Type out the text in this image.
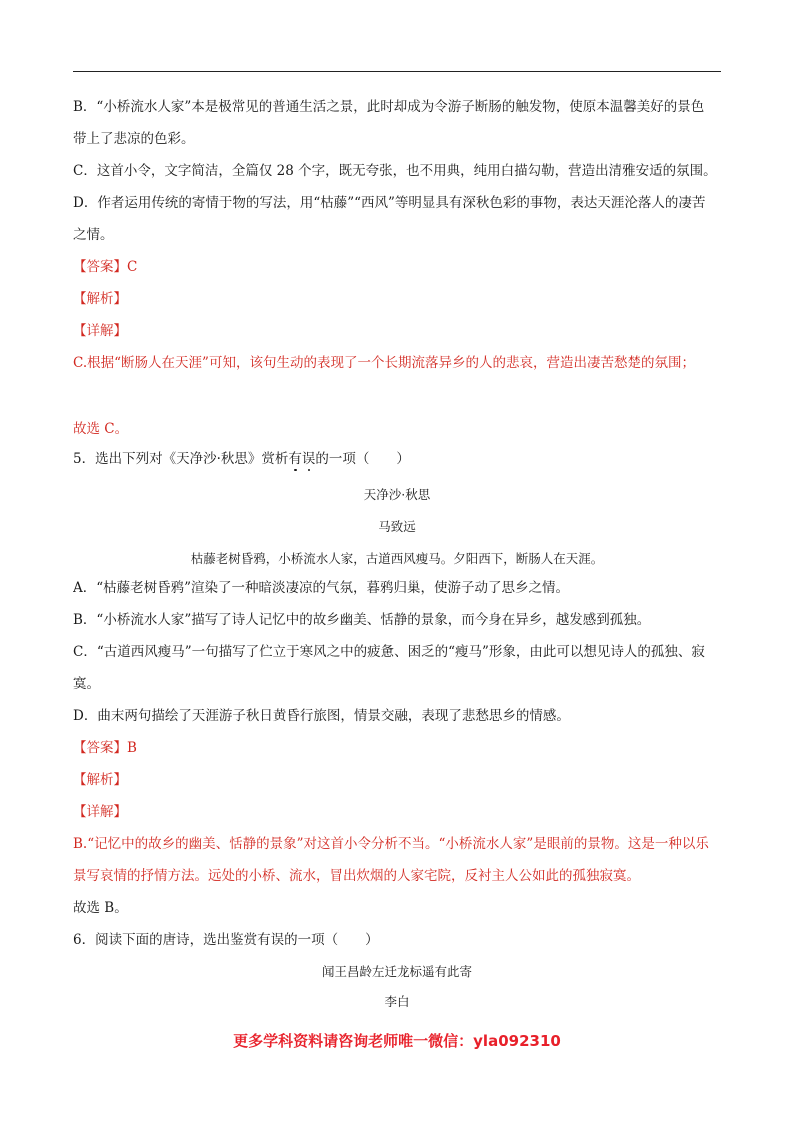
B．“小桥流水人家”本是极常见的普通生活之景，此时却成为令游子断肠的触发物，使原本温馨美好的景色
带上了悲凉的色彩。
C．这首小令，文字简洁，全篇仅 28 个字，既无夸张，也不用典，纯用白描勾勒，营造出清雅安适的氛围。
D．作者运用传统的寄情于物的写法，用“枯藤”“西风”等明显具有深秋色彩的事物，表达天涯沦落人的凄苦
之情。
【答案】C
【解析】
【详解】
C.根据“断肠人在天涯”可知，该句生动的表现了一个长期流落异乡的人的悲哀，营造出凄苦愁楚的氛围；
故选 C。
5．选出下列对《天净沙·秋思》赏析有误的一项（　　）
天净沙·秋思
马致远
枯藤老树昏鸦，小桥流水人家，古道西风瘦马。夕阳西下，断肠人在天涯。
A．“枯藤老树昏鸦”渲染了一种暗淡凄凉的气氛，暮鸦归巢，使游子动了思乡之情。
B．“小桥流水人家”描写了诗人记忆中的故乡幽美、恬静的景象，而今身在异乡，越发感到孤独。
C．“古道西风瘦马”一句描写了伫立于寒风之中的疲惫、困乏的“瘦马”形象，由此可以想见诗人的孤独、寂
寞。
D．曲末两句描绘了天涯游子秋日黄昏行旅图，情景交融，表现了悲愁思乡的情感。
【答案】B
【解析】
【详解】
B.“记忆中的故乡的幽美、恬静的景象”对这首小令分析不当。“小桥流水人家”是眼前的景物。这是一种以乐
景写哀情的抒情方法。远处的小桥、流水，冒出炊烟的人家宅院，反衬主人公如此的孤独寂寞。
故选 B。
6．阅读下面的唐诗，选出鉴赏有误的一项（　　）
闻王昌龄左迁龙标遥有此寄
李白
更多学科资料请咨询老师唯一微信：yla092310
